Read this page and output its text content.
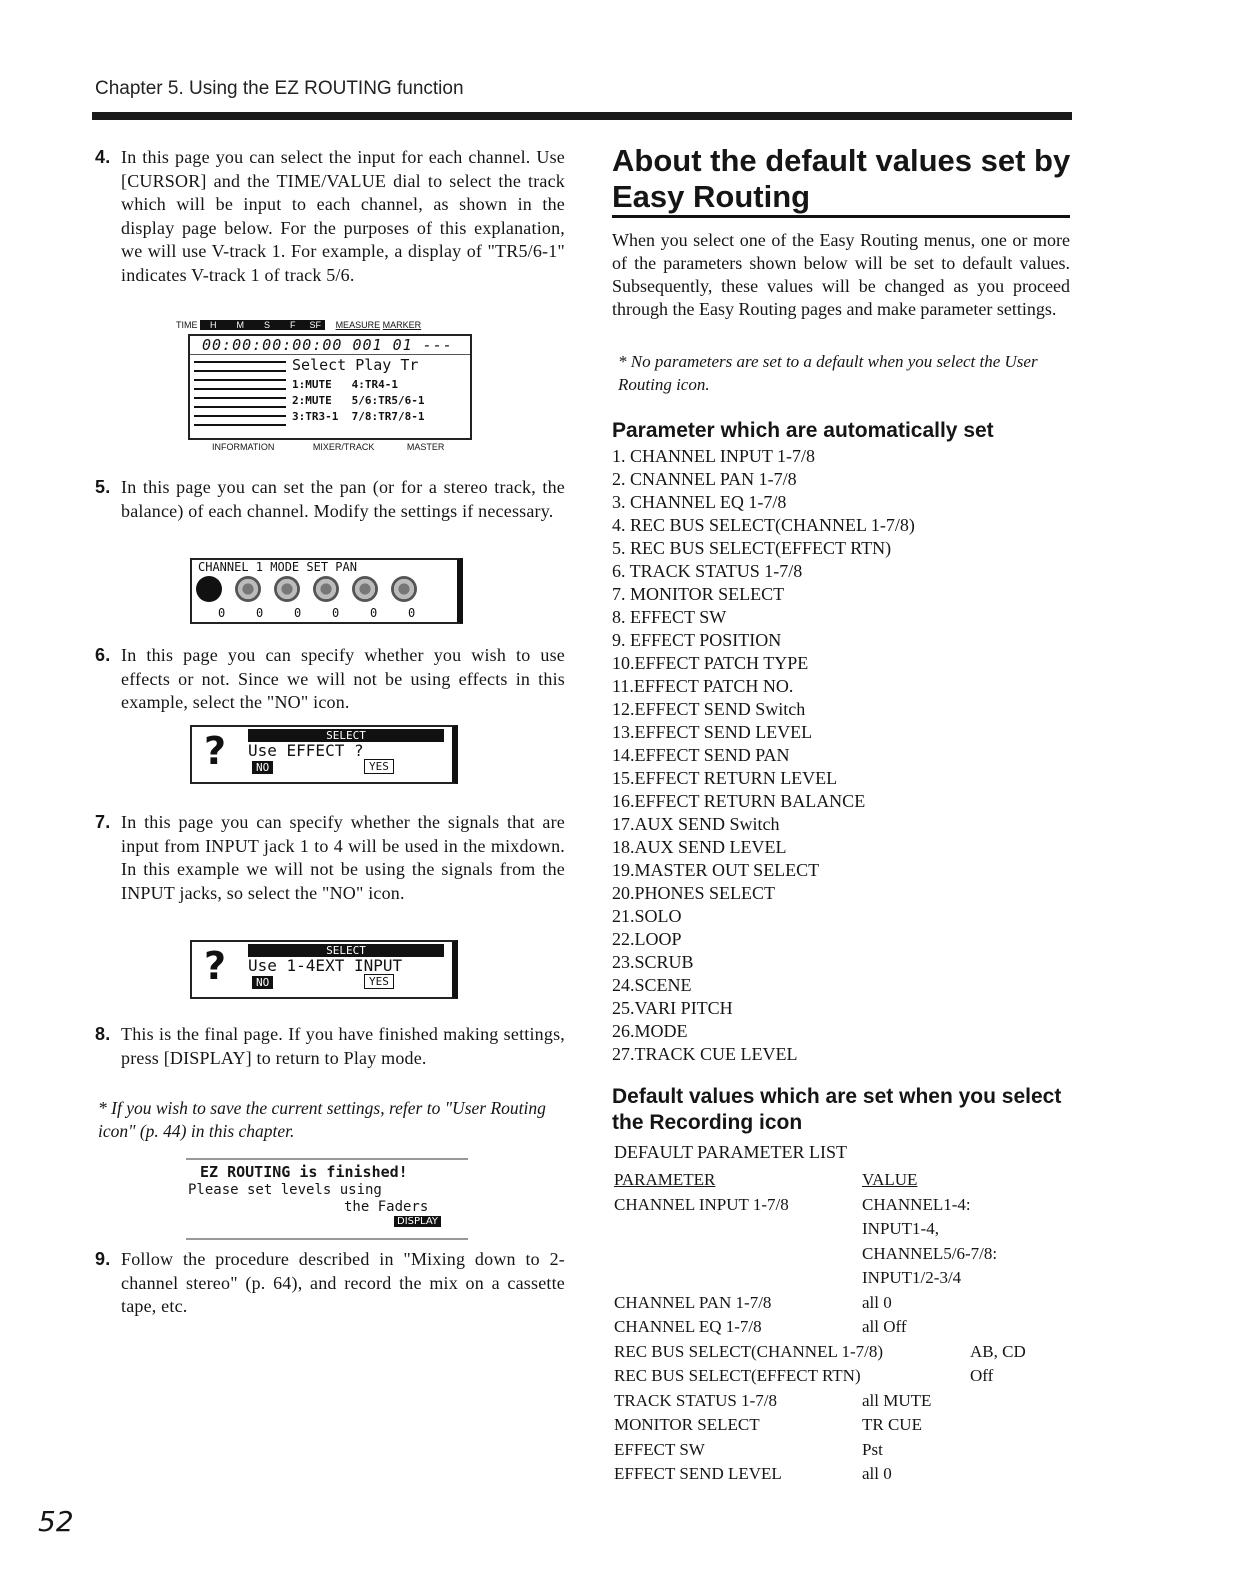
Chapter 5. Using the EZ ROUTING function
4. In this page you can select the input for each channel. Use [CURSOR] and the TIME/VALUE dial to select the track which will be input to each channel, as shown in the display page below. For the purposes of this explanation, we will use V-track 1. For example, a display of "TR5/6-1" indicates V-track 1 of track 5/6.
TIME H M S F SF MEASURE MARKER
00:00:00:00:00 001 01 ---
Select Play Tr
1:MUTE   4:TR4-1
2:MUTE   5/6:TR5/6-1
3:TR3-1  7/8:TR7/8-1
INFORMATION	MIXER/TRACK	MASTER
5. In this page you can set the pan (or for a stereo track, the balance) of each channel. Modify the settings if necessary.
CHANNEL 1 MODE SET PAN
0	0	0	0	0	0
6. In this page you can specify whether you wish to use effects or not. Since we will not be using effects in this example, select the "NO" icon.
SELECT
? Use EFFECT ?
NO	YES
7. In this page you can specify whether the signals that are input from INPUT jack 1 to 4 will be used in the mixdown. In this example we will not be using the signals from the INPUT jacks, so select the "NO" icon.
SELECT
? Use 1-4EXT INPUT
NO	YES
8. This is the final page. If you have finished making settings, press [DISPLAY] to return to Play mode.
* If you wish to save the current settings, refer to "User Routing icon" (p. 44) in this chapter.
EZ ROUTING is finished!
Please set levels using
the Faders
DISPLAY
9. Follow the procedure described in "Mixing down to 2-channel stereo" (p. 64), and record the mix on a cassette tape, etc.
52
About the default values set by Easy Routing
When you select one of the Easy Routing menus, one or more of the parameters shown below will be set to default values. Subsequently, these values will be changed as you proceed through the Easy Routing pages and make parameter settings.
* No parameters are set to a default when you select the User Routing icon.
Parameter which are automatically set
1. CHANNEL INPUT 1-7/8
2. CNANNEL PAN 1-7/8
3. CHANNEL EQ 1-7/8
4. REC BUS SELECT(CHANNEL 1-7/8)
5. REC BUS SELECT(EFFECT RTN)
6. TRACK STATUS 1-7/8
7. MONITOR SELECT
8. EFFECT SW
9. EFFECT POSITION
10.EFFECT PATCH TYPE
11.EFFECT PATCH NO.
12.EFFECT SEND Switch
13.EFFECT SEND LEVEL
14.EFFECT SEND PAN
15.EFFECT RETURN LEVEL
16.EFFECT RETURN BALANCE
17.AUX SEND Switch
18.AUX SEND LEVEL
19.MASTER OUT SELECT
20.PHONES SELECT
21.SOLO
22.LOOP
23.SCRUB
24.SCENE
25.VARI PITCH
26.MODE
27.TRACK CUE LEVEL
Default values which are set when you select the Recording icon
DEFAULT PARAMETER LIST
PARAMETER	VALUE
CHANNEL INPUT 1-7/8	CHANNEL1-4:
INPUT1-4,
CHANNEL5/6-7/8:
INPUT1/2-3/4
CHANNEL PAN 1-7/8	all 0
CHANNEL EQ 1-7/8	all Off
REC BUS SELECT(CHANNEL 1-7/8)	AB, CD
REC BUS SELECT(EFFECT RTN)	Off
TRACK STATUS 1-7/8	all MUTE
MONITOR SELECT	TR CUE
EFFECT SW	Pst
EFFECT SEND LEVEL	all 0
